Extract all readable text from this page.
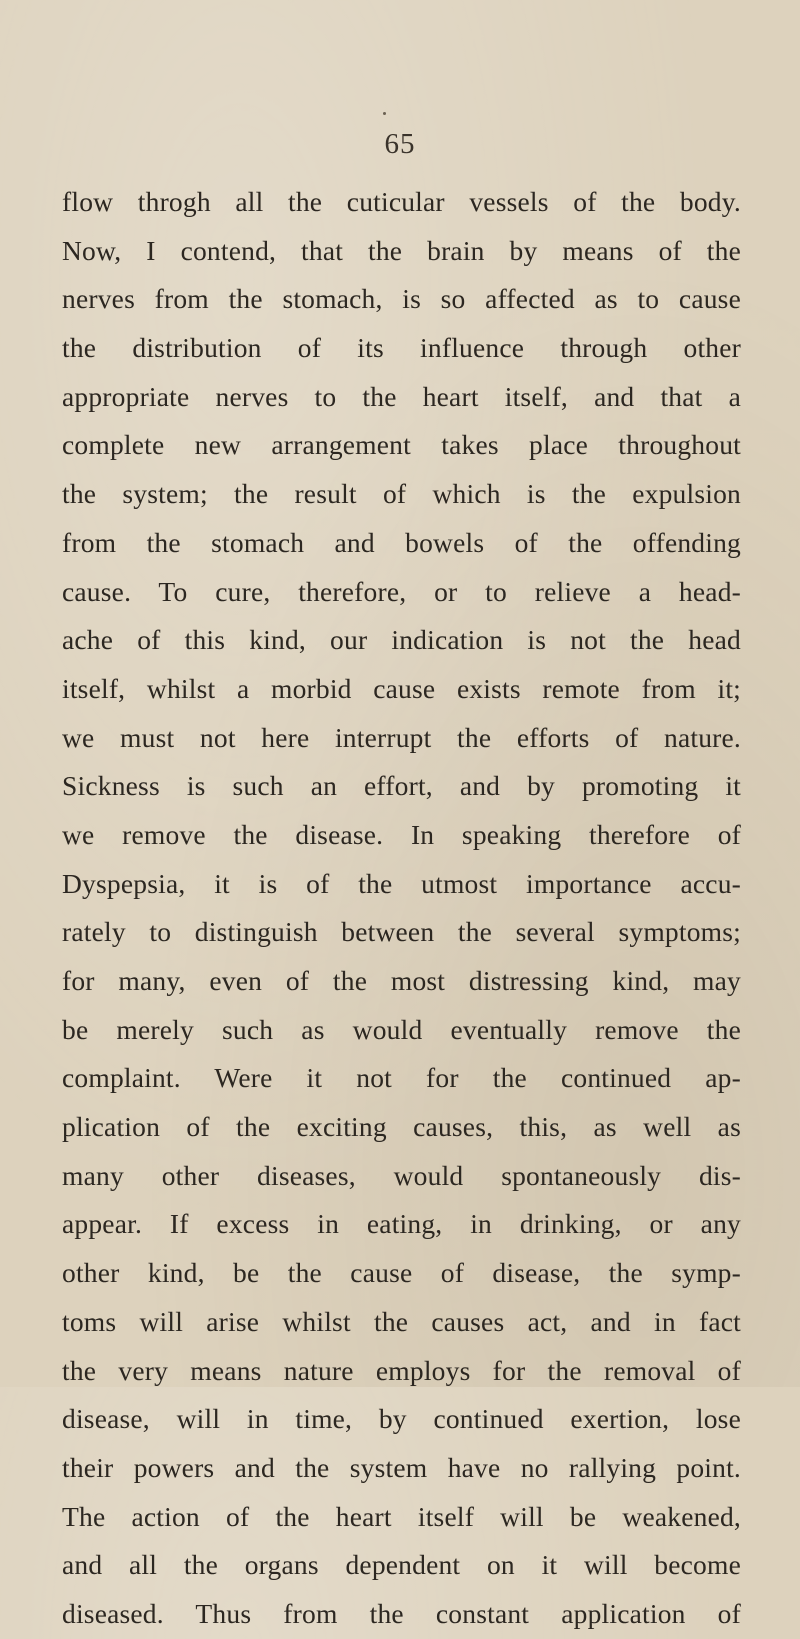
65
flow throgh all the cuticular vessels of the body.
Now, I contend, that the brain by means of the
nerves from the stomach, is so affected as to cause
the distribution of its influence through other
appropriate nerves to the heart itself, and that a
complete new arrangement takes place throughout
the system; the result of which is the expulsion
from the stomach and bowels of the offending
cause. To cure, therefore, or to relieve a head-
ache of this kind, our indication is not the head
itself, whilst a morbid cause exists remote from it;
we must not here interrupt the efforts of nature.
Sickness is such an effort, and by promoting it
we remove the disease. In speaking therefore of
Dyspepsia, it is of the utmost importance accu-
rately to distinguish between the several symptoms;
for many, even of the most distressing kind, may
be merely such as would eventually remove the
complaint. Were it not for the continued ap-
plication of the exciting causes, this, as well as
many other diseases, would spontaneously dis-
appear. If excess in eating, in drinking, or any
other kind, be the cause of disease, the symp-
toms will arise whilst the causes act, and in fact
the very means nature employs for the removal of
disease, will in time, by continued exertion, lose
their powers and the system have no rallying point.
The action of the heart itself will be weakened,
and all the organs dependent on it will become
diseased. Thus from the constant application of
